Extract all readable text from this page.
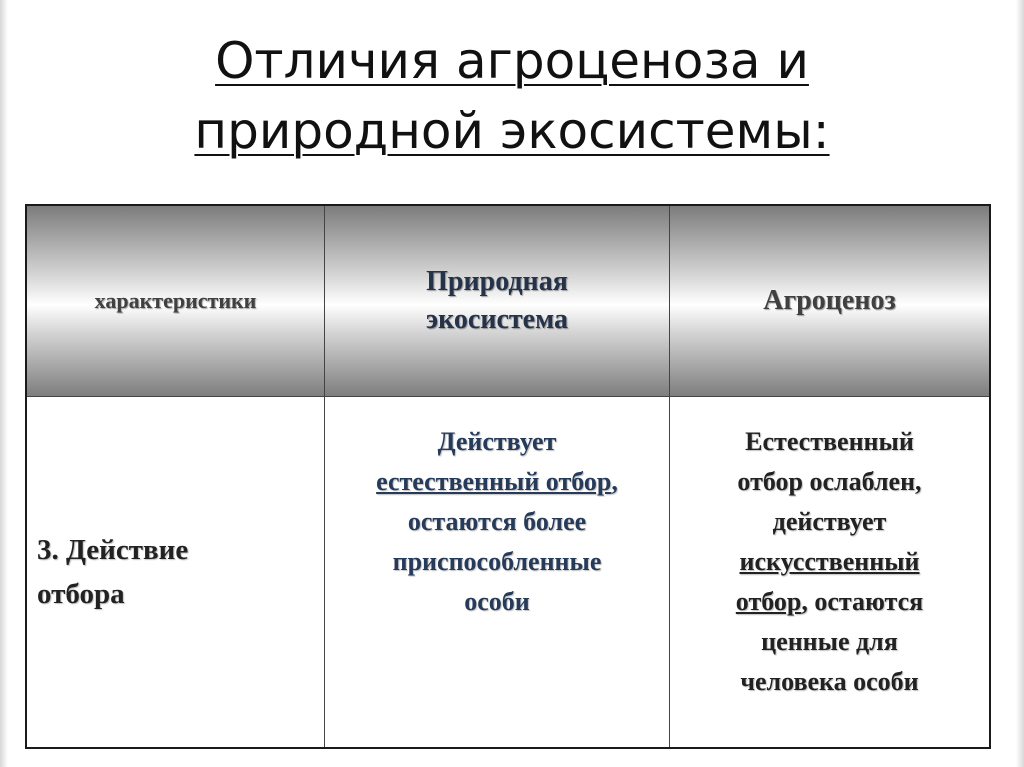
Отличия агроценоза и
природной экосистемы:
характеристики
Природная
экосистема
Агроценоз
3. Действие
отбора
Действует
естественный отбор,
остаются более
приспособленные
особи
Естественный
отбор ослаблен,
действует
искусственный
отбор, остаются
ценные для
человека особи
